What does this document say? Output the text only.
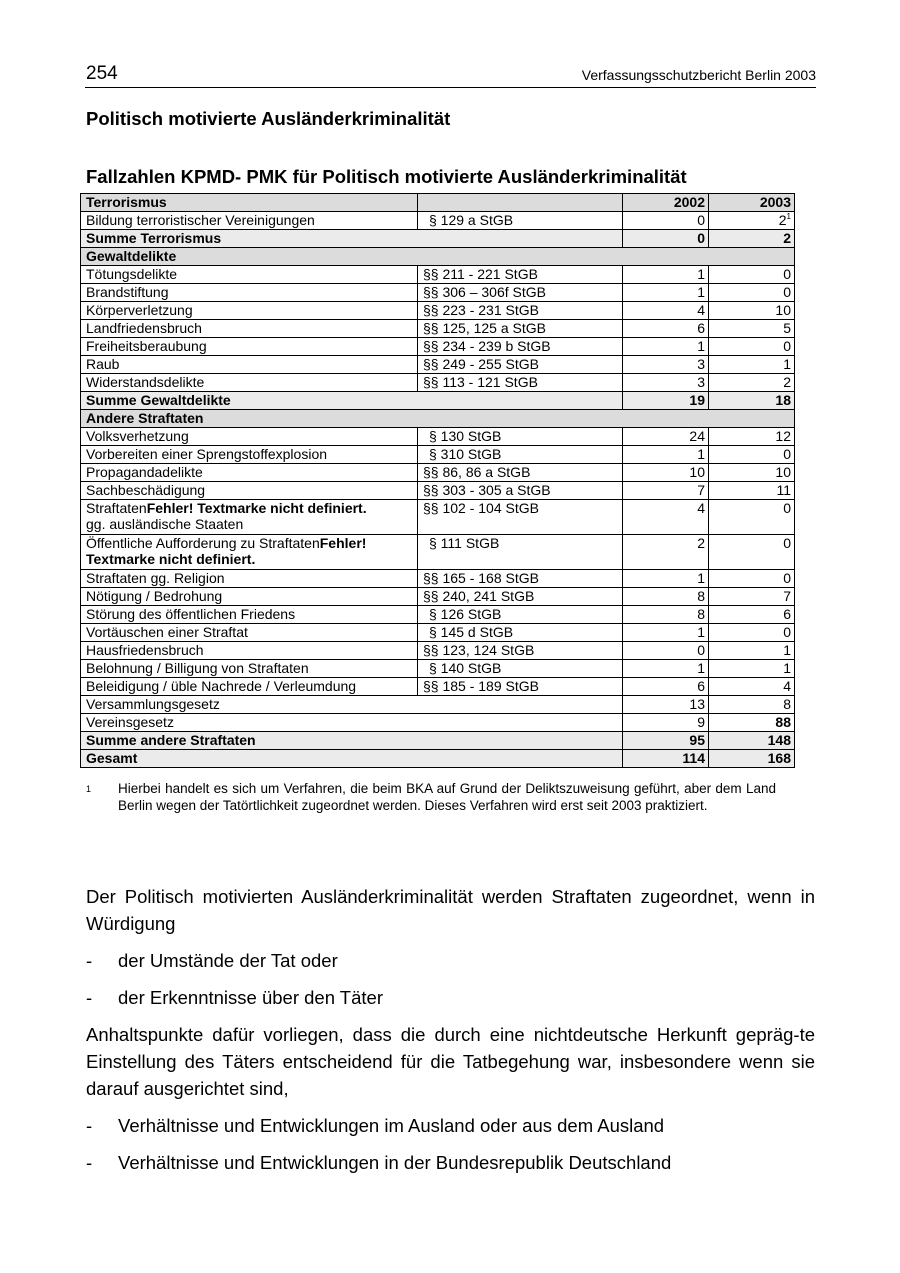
254	Verfassungsschutzbericht Berlin 2003
Politisch motivierte Ausländerkriminalität
Fallzahlen KPMD- PMK für Politisch motivierte Ausländerkriminalität
Terrorismus		2002	2003
Bildung terroristischer Vereinigungen	§ 129 a StGB	0	$2^1$
Summe Terrorismus		0	2
Gewaltdelikte			
Tötungsdelikte	§§ 211 - 221 StGB	1	0
Brandstiftung	§§ 306 – 306f StGB	1	0
Körperverletzung	§§ 223 - 231 StGB	4	10
Landfriedensbruch	§§ 125, 125 a StGB	6	5
Freiheitsberaubung	§§ 234 - 239 b StGB	1	0
Raub	§§ 249 - 255 StGB	3	1
Widerstandsdelikte	§§ 113 - 121 StGB	3	2
Summe Gewaltdelikte		19	18
Andere Straftaten			
Volksverhetzung	§ 130 StGB	24	12
Vorbereiten einer Sprengstoffexplosion	§ 310 StGB	1	0
Propagandadelikte	§§ 86, 86 a StGB	10	10
Sachbeschädigung	§§ 303 - 305 a StGB	7	11
StraftatenFehler! Textmarke nicht definiert.
gg. ausländische Staaten	§§ 102 - 104 StGB	4	0
Öffentliche Aufforderung zu StraftatenFehler! Textmarke nicht definiert.	§ 111 StGB	2	0
Straftaten gg. Religion	§§ 165 - 168 StGB	1	0
Nötigung / Bedrohung	§§ 240, 241 StGB	8	7
Störung des öffentlichen Friedens	§ 126 StGB	8	6
Vortäuschen einer Straftat	§ 145 d StGB	1	0
Hausfriedensbruch	§§ 123, 124 StGB	0	1
Belohnung / Billigung von Straftaten	§ 140 StGB	1	1
Beleidigung / üble Nachrede / Verleumdung	§§ 185 - 189 StGB	6	4
Versammlungsgesetz		13	8
Vereinsgesetz		9	88
Summe andere Straftaten		95	148
Gesamt		114	168
1 Hierbei handelt es sich um Verfahren, die beim BKA auf Grund der Deliktszuweisung geführt, aber dem Land Berlin wegen der Tatörtlichkeit zugeordnet werden. Dieses Verfahren wird erst seit 2003 praktiziert.

Der Politisch motivierten Ausländerkriminalität werden Straftaten zugeordnet, wenn in Würdigung

- der Umstände der Tat oder
- der Erkenntnisse über den Täter

Anhaltspunkte dafür vorliegen, dass die durch eine nichtdeutsche Herkunft gepräg-te Einstellung des Täters entscheidend für die Tatbegehung war, insbesondere wenn sie darauf ausgerichtet sind,

- Verhältnisse und Entwicklungen im Ausland oder aus dem Ausland
- Verhältnisse und Entwicklungen in der Bundesrepublik Deutschland
